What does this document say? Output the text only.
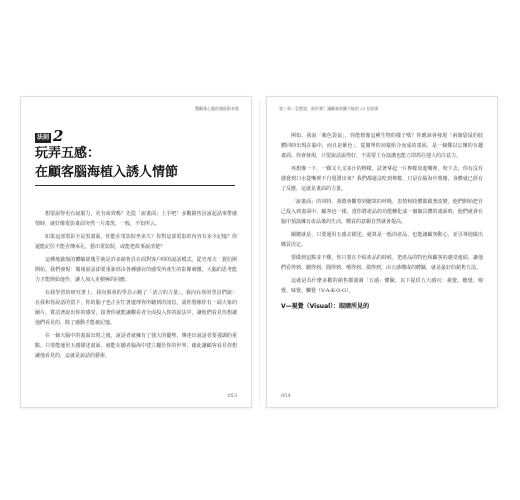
豐顧客心靈的超級影音魯
法則 2
玩弄五感：
在顧客腦海植入誘人情節

想要說得更有說服力，更有成效嗎？先從「說畫面」上手吧！多數銷售員說起話來帶感情時，就好像電影畫面突然一片漆黑，一般，不知所云。

如果這部電影全是黑畫面，你能在電影院坐多久？你對這部電影的內容有多少記憶？你還能記住不能否傳承孔，藝出電影院，或能把故事說清楚？

這種地獄般的體驗卻幾乎就是許多銷售員在面對客戶時的說話模式。從史蒂夫‧賈伯斯開始，我們發現：簡報說話卻要重新經由各種感官的感受所產生的影像刺激，大腦的思考能力才能開始運作，讓人加入更積極的回應。

在我學習的研究書上，我向與會的學員示範了「語言的力量」。我向在座的學員們說：在我和你說話的當下，你的腦子也正在忙著處理你所聽到的訊息，請你想像你有一頭大象的圖片，嘗試著說出你的感受，接著你就能讓觀看者全面投入你的說法中，讓他們看見你想讓他們看見的，除了感動才能被記憶。

在一個大腦中的畫面出現之後，說話者就擁有了強大的優勢，傳達出說話者要強調的重點。只要能運用五感描述畫面，就能在聽者腦海中建立屬於你的世界，藉此讓顧客看見你想讓他看見的，這就是說話的藝術。

053
第三章／怎麼說，最好賣？讓顧客欲罷不能的 21 招話術

例如，我說「紫色袋鼠」，你能想像這種生物的樣子嗎？你應該會發現「兩個袋鼠的肢體同時出現在腦中，而且是紫色」，從簡單的詞彙組合而成的畫面，是一個難以忘懷的有趣畫面。你會發現，只要說話說得好，不需要上台演講也能立即抓住他人的注意力。

再想像一下，一顆又大又多汁的檸檬。試著拿起一片檸檬放進嘴裡，咬下去，你有沒有感覺到口水從嘴裡不自覺湧出來？我們都還沒吃到檸檬，只是在腦海中想像，身體就已經有了反應，這就是畫面的力量。

「說畫面」的同時，我總會觀察到聽眾的呼吸、表情和肢體都跟著改變，他們開始把自己投入到畫面中，顧客也一樣，當你將產品的功能轉化成一個個具體的畫面時，他們就會在腦中預演擁有產品後的生活，購買的意願自然就會提高。

關鍵就是，只要運用五感去描述，就算是一般的產品，也能讓顧客動心，並引導他做出購買決定。

要做到這點並不難，你只要在介紹產品的時候，把產品的特色和顧客的感受連結，讓他們看得到、聽得到、聞得到、嚐得到、摸得到，由五感構成的體驗，就是最好的銷售方法。

這就是為什麼多數的銷售都強調「五感」體驗，以下提供五大感官：視覺、聽覺、嗅覺、味覺、觸覺（V-A-K-O-G）。

V—視覺（Visual）：眼睛所見的
054
